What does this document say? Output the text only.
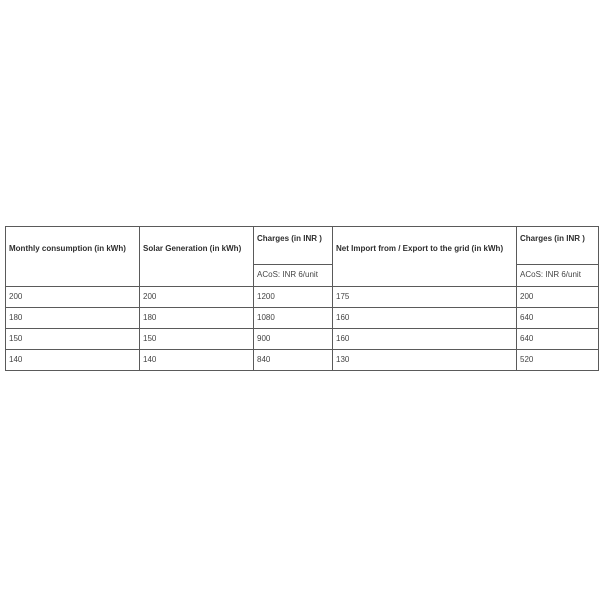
Monthly consumption (in kWh)	Solar Generation (in kWh)	Charges (in INR )	Net Import from / Export to the grid (in kWh)	Charges (in INR )
		ACoS: INR 6/unit		ACoS: INR 6/unit
200	200	1200	175	200
180	180	1080	160	640
150	150	900	160	640
140	140	840	130	520
